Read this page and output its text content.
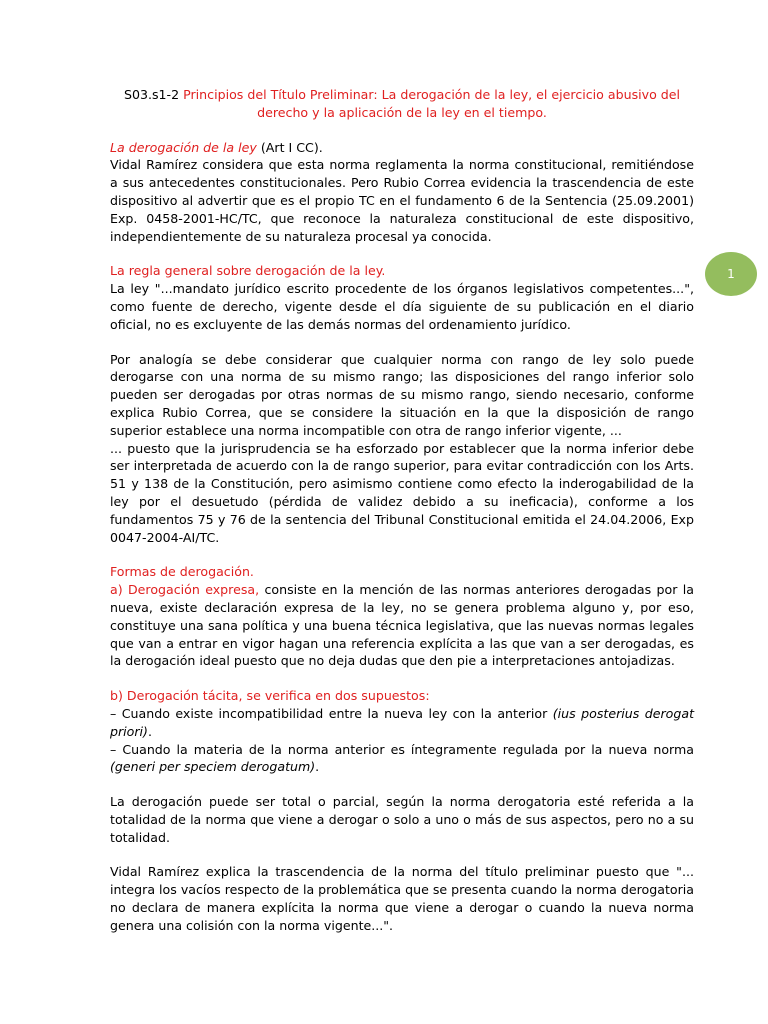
1
S03.s1-2 Principios del Título Preliminar: La derogación de la ley, el ejercicio abusivo del derecho y la aplicación de la ley en el tiempo.
La derogación de la ley (Art I CC).

Vidal Ramírez considera que esta norma reglamenta la norma constitucional, remitiéndose a sus antecedentes constitucionales. Pero Rubio Correa evidencia la trascendencia de este dispositivo al advertir que es el propio TC en el fundamento 6 de la Sentencia (25.09.2001) Exp. 0458-2001-HC/TC, que reconoce la naturaleza constitucional de este dispositivo, independientemente de su naturaleza procesal ya conocida.

La regla general sobre derogación de la ley.

La ley "...mandato jurídico escrito procedente de los órganos legislativos competentes...", como fuente de derecho, vigente desde el día siguiente de su publicación en el diario oficial, no es excluyente de las demás normas del ordenamiento jurídico.

Por analogía se debe considerar que cualquier norma con rango de ley solo puede derogarse con una norma de su mismo rango; las disposiciones del rango inferior solo pueden ser derogadas por otras normas de su mismo rango, siendo necesario, conforme explica Rubio Correa, que se considere la situación en la que la disposición de rango superior establece una norma incompatible con otra de rango inferior vigente, ...

... puesto que la jurisprudencia se ha esforzado por establecer que la norma inferior debe ser interpretada de acuerdo con la de rango superior, para evitar contradicción con los Arts. 51 y 138 de la Constitución, pero asimismo contiene como efecto la inderogabilidad de la ley por el desuetudo (pérdida de validez debido a su ineficacia), conforme a los fundamentos 75 y 76 de la sentencia del Tribunal Constitucional emitida el 24.04.2006, Exp 0047-2004-AI/TC.

Formas de derogación.

a) Derogación expresa, consiste en la mención de las normas anteriores derogadas por la nueva, existe declaración expresa de la ley, no se genera problema alguno y, por eso, constituye una sana política y una buena técnica legislativa, que las nuevas normas legales que van a entrar en vigor hagan una referencia explícita a las que van a ser derogadas, es la derogación ideal puesto que no deja dudas que den pie a interpretaciones antojadizas.

b) Derogación tácita, se verifica en dos supuestos:

– Cuando existe incompatibilidad entre la nueva ley con la anterior (ius posterius derogat priori).

– Cuando la materia de la norma anterior es íntegramente regulada por la nueva norma (generi per speciem derogatum).

La derogación puede ser total o parcial, según la norma derogatoria esté referida a la totalidad de la norma que viene a derogar o solo a uno o más de sus aspectos, pero no a su totalidad.

Vidal Ramírez explica la trascendencia de la norma del título preliminar puesto que "... integra los vacíos respecto de la problemática que se presenta cuando la norma derogatoria no declara de manera explícita la norma que viene a derogar o cuando la nueva norma genera una colisión con la norma vigente...".
